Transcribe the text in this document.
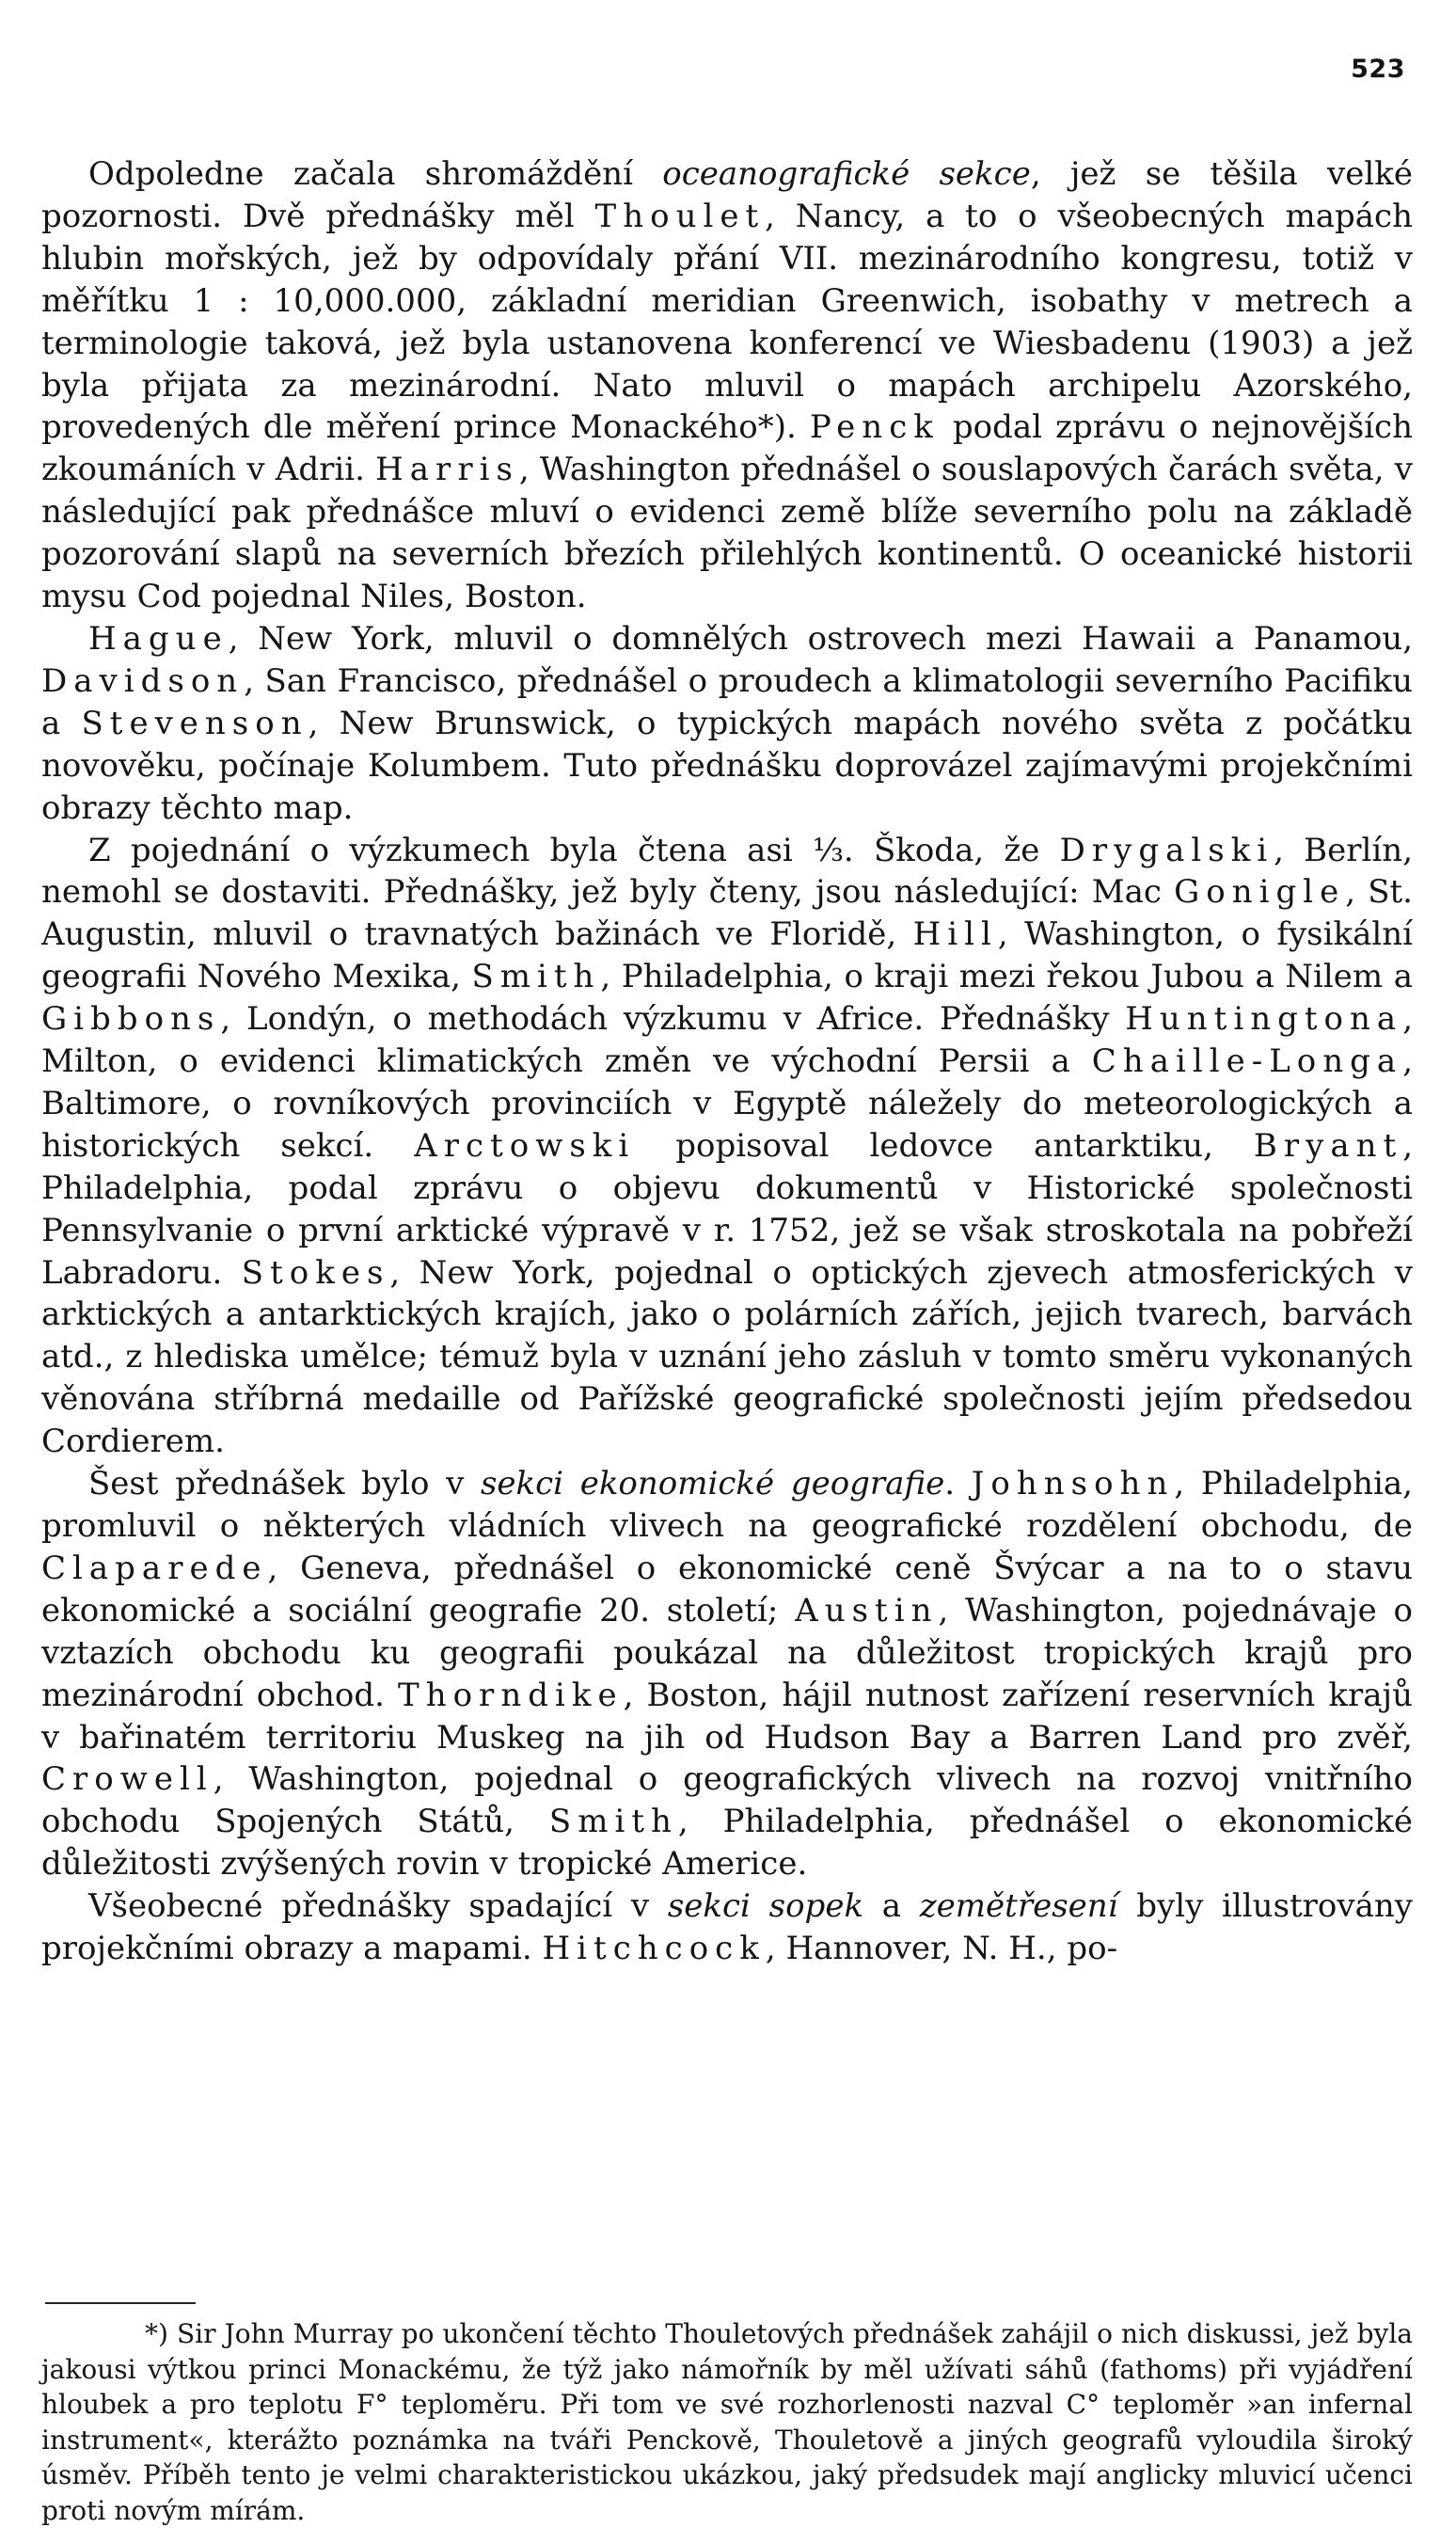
523

Odpoledne začala shromáždění oceanografické sekce, jež se těšila velké pozornosti. Dvě přednášky měl Thoulet, Nancy, a to o všeobecných mapách hlubin mořských, jež by odpovídaly přání VII. mezinárodního kongresu, totiž v měřítku 1 : 10,000.000, základní meridian Greenwich, isobathy v metrech a terminologie taková, jež byla ustanovena konferencí ve Wiesbadenu (1903) a jež byla přijata za mezinárodní. Nato mluvil o mapách archipelu Azorského, provedených dle měření prince Monackého*). Penck podal zprávu o nejnovějších zkoumáních v Adrii. Harris, Washington přednášel o souslapových čarách světa, v následující pak přednášce mluví o evidenci země blíže severního polu na základě pozorování slapů na severních březích přilehlých kontinentů. O oceanické historii mysu Cod pojednal Niles, Boston.

Hague, New York, mluvil o domnělých ostrovech mezi Hawaii a Panamou, Davidson, San Francisco, přednášel o proudech a klimatologii severního Pacifiku a Stevenson, New Brunswick, o typických mapách nového světa z počátku novověku, počínaje Kolumbem. Tuto přednášku doprovázel zajímavými projekčními obrazy těchto map.

Z pojednání o výzkumech byla čtena asi ⅓. Škoda, že Drygalski, Berlín, nemohl se dostaviti. Přednášky, jež byly čteny, jsou následující: Mac Gonigle, St. Augustin, mluvil o travnatých bažinách ve Floridě, Hill, Washington, o fysikální geografii Nového Mexika, Smith, Philadelphia, o kraji mezi řekou Jubou a Nilem a Gibbons, Londýn, o methodách výzkumu v Africe. Přednášky Huntingtona, Milton, o evidenci klimatických změn ve východní Persii a Chaille-Longa, Baltimore, o rovníkových provinciích v Egyptě náležely do meteorologických a historických sekcí. Arctowski popisoval ledovce antarktiku, Bryant, Philadelphia, podal zprávu o objevu dokumentů v Historické společnosti Pennsylvanie o první arktické výpravě v r. 1752, jež se však stroskotala na pobřeží Labradoru. Stokes, New York, pojednal o optických zjevech atmosferických v arktických a antarktických krajích, jako o polárních zářích, jejich tvarech, barvách atd., z hlediska umělce; témuž byla v uznání jeho zásluh v tomto směru vykonaných věnována stříbrná medaille od Pařížské geografické společnosti jejím předsedou Cordierem.

Šest přednášek bylo v sekci ekonomické geografie. Johnsohn, Philadelphia, promluvil o některých vládních vlivech na geografické rozdělení obchodu, de Claparede, Geneva, přednášel o ekonomické ceně Švýcar a na to o stavu ekonomické a sociální geografie 20. století; Austin, Washington, pojednávaje o vztazích obchodu ku geografii poukázal na důležitost tropických krajů pro mezinárodní obchod. Thorndike, Boston, hájil nutnost zařízení reservních krajů v bařinatém territoriu Muskeg na jih od Hudson Bay a Barren Land pro zvěř, Crowell, Washington, pojednal o geografických vlivech na rozvoj vnitřního obchodu Spojených Států, Smith, Philadelphia, přednášel o ekonomické důležitosti zvýšených rovin v tropické Americe.

Všeobecné přednášky spadající v sekci sopek a zemětřesení byly illustrovány projekčními obrazy a mapami. Hitchcock, Hannover, N. H., po-

*) Sir John Murray po ukončení těchto Thouletových přednášek zahájil o nich diskussi, jež byla jakousi výtkou princi Monackému, že týž jako námořník by měl užívati sáhů (fathoms) při vyjádření hloubek a pro teplotu F° teploměru. Při tom ve své rozhorlenosti nazval C° teploměr »an infernal instrument«, kterážto poznámka na tváři Penckově, Thouletově a jiných geografů vyloudila široký úsměv. Příběh tento je velmi charakteristickou ukázkou, jaký předsudek mají anglicky mluvicí učenci proti novým mírám.
